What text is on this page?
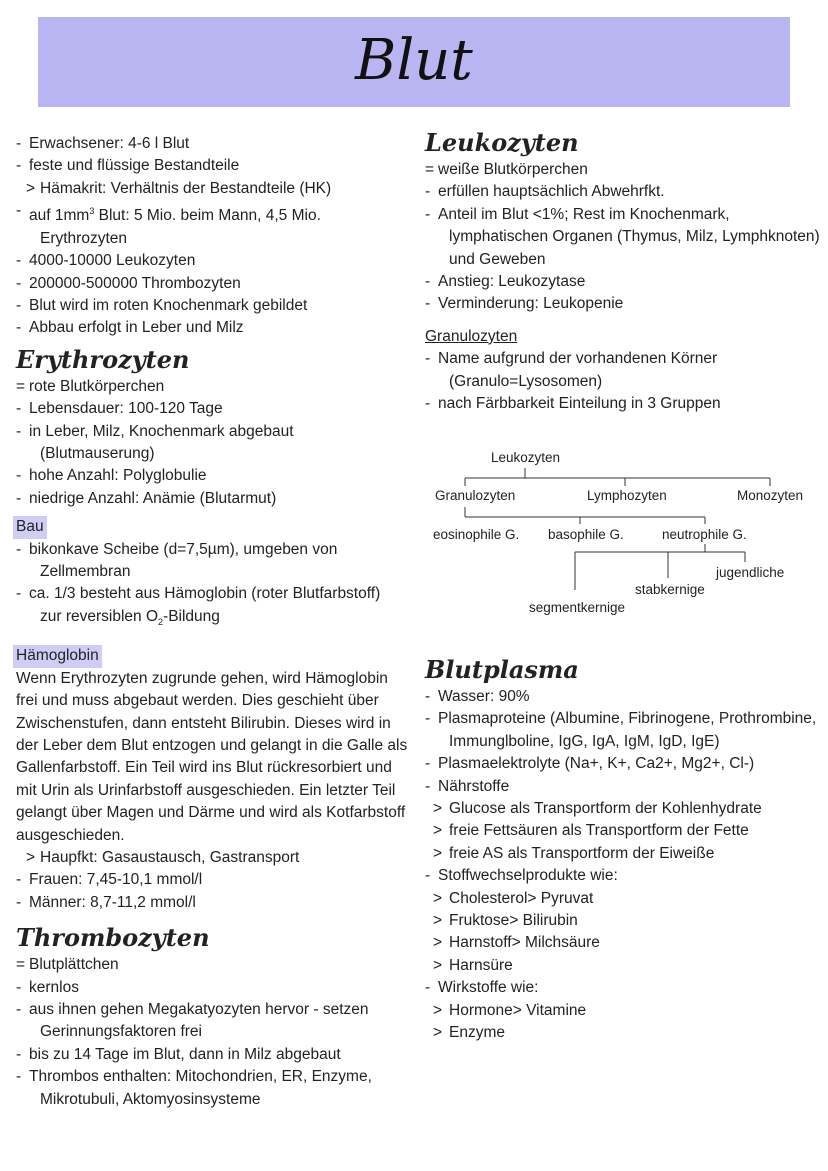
Blut
- Erwachsener: 4-6 l Blut
- feste und flüssige Bestandteile
> Hämakrit: Verhältnis der Bestandteile (HK)
- auf $1mm^3$ Blut: 5 Mio. beim Mann, 4,5 Mio.
Erythrozyten
- 4000-10000 Leukozyten
- 200000-500000 Thrombozyten
- Blut wird im roten Knochenmark gebildet
- Abbau erfolgt in Leber und Milz
Erythrozyten
= rote Blutkörperchen
- Lebensdauer: 100-120 Tage
- in Leber, Milz, Knochenmark abgebaut
(Blutmauserung)
- hohe Anzahl: Polyglobulie
- niedrige Anzahl: Anämie (Blutarmut)
Bau
- bikonkave Scheibe (d=7,5µm), umgeben von
Zellmembran
- ca. 1/3 besteht aus Hämoglobin (roter Blutfarbstoff)
zur reversiblen $O_2$-Bildung
Hämoglobin
Wenn Erythrozyten zugrunde gehen, wird Hämoglobin frei und muss abgebaut werden. Dies geschieht über Zwischenstufen, dann entsteht Bilirubin. Dieses wird in der Leber dem Blut entzogen und gelangt in die Galle als Gallenfarbstoff. Ein Teil wird ins Blut rückresorbiert und mit Urin als Urinfarbstoff ausgeschieden. Ein letzter Teil gelangt über Magen und Därme und wird als Kotfarbstoff ausgeschieden.
> Haupfkt: Gasaustausch, Gastransport
- Frauen: 7,45-10,1 mmol/l
- Männer: 8,7-11,2 mmol/l
Thrombozyten
= Blutplättchen
- kernlos
- aus ihnen gehen Megakatyozyten hervor - setzen
Gerinnungsfaktoren frei
- bis zu 14 Tage im Blut, dann in Milz abgebaut
- Thrombos enthalten: Mitochondrien, ER, Enzyme,
Mikrotubuli, Aktomyosinsysteme
Leukozyten
= weiße Blutkörperchen
- erfüllen hauptsächlich Abwehrfkt.
- Anteil im Blut <1%; Rest im Knochenmark,
lymphatischen Organen (Thymus, Milz, Lymphknoten)
und Geweben
- Anstieg: Leukozytase
- Verminderung: Leukopenie
Granulozyten
- Name aufgrund der vorhandenen Körner
(Granulo=Lysosomen)
- nach Färbbarkeit Einteilung in 3 Gruppen
Leukozyten
Granulozyten	Lymphozyten	Monozyten
eosinophile G. basophile G.	neutrophile G.
jugendliche
stabkernige
segmentkernige
Blutplasma
- Wasser: 90%
- Plasmaproteine (Albumine, Fibrinogene, Prothrombine,
Immunglboline, IgG, IgA, IgM, IgD, IgE)
- Plasmaelektrolyte (Na+, K+, Ca2+, Mg2+, Cl-)
- Nährstoffe
> Glucose als Transportform der Kohlenhydrate
> freie Fettsäuren als Transportform der Fette
> freie AS als Transportform der Eiweiße
- Stoffwechselprodukte wie:
> Cholesterol > Pyruvat
> Fruktose > Bilirubin
> Harnstoff > Milchsäure
> Harnsüre
- Wirkstoffe wie:
> Hormone > Vitamine
> Enzyme
